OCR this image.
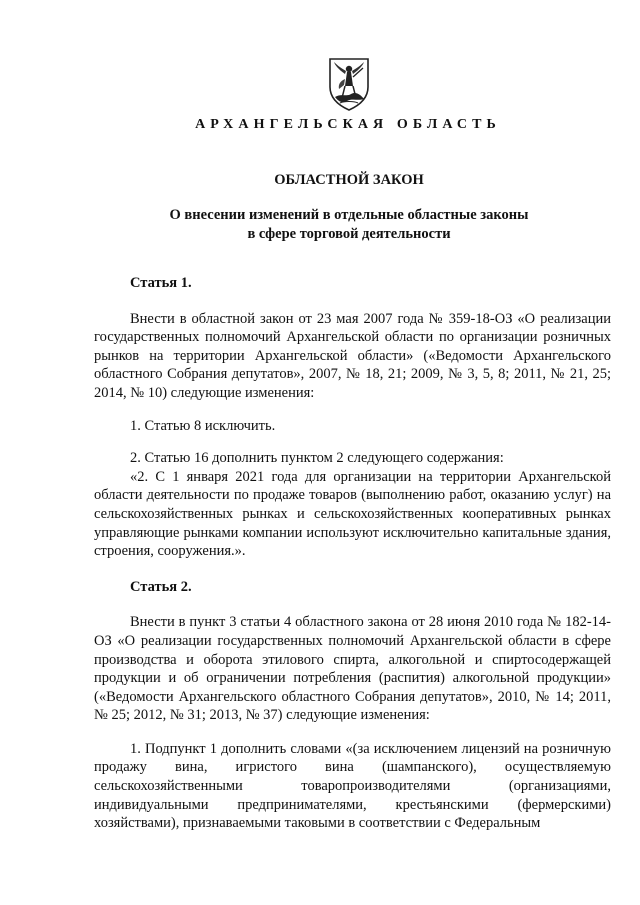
АРХАНГЕЛЬСКАЯ ОБЛАСТЬ
ОБЛАСТНОЙ ЗАКОН
О внесении изменений в отдельные областные законы
в сфере торговой деятельности

Статья 1.

Внести в областной закон от 23 мая 2007 года № 359-18-ОЗ «О реализации государственных полномочий Архангельской области по организации розничных рынков на территории Архангельской области» («Ведомости Архангельского областного Собрания депутатов», 2007, № 18, 21; 2009, № 3, 5, 8; 2011, № 21, 25; 2014, № 10) следующие изменения:

1. Статью 8 исключить.

2. Статью 16 дополнить пунктом 2 следующего содержания:

«2. С 1 января 2021 года для организации на территории Архангельской области деятельности по продаже товаров (выполнению работ, оказанию услуг) на сельскохозяйственных рынках и сельскохозяйственных кооперативных рынках управляющие рынками компании используют исключительно капитальные здания, строения, сооружения.».

Статья 2.

Внести в пункт 3 статьи 4 областного закона от 28 июня 2010 года № 182-14-ОЗ «О реализации государственных полномочий Архангельской области в сфере производства и оборота этилового спирта, алкогольной и спиртосодержащей продукции и об ограничении потребления (распития) алкогольной продукции» («Ведомости Архангельского областного Собрания депутатов», 2010, № 14; 2011, № 25; 2012, № 31; 2013, № 37) следующие изменения:

1. Подпункт 1 дополнить словами «(за исключением лицензий на розничную продажу вина, игристого вина (шампанского), осуществляемую сельскохозяйственными товаропроизводителями (организациями, индивидуальными предпринимателями, крестьянскими (фермерскими) хозяйствами), признаваемыми таковыми в соответствии с Федеральным
